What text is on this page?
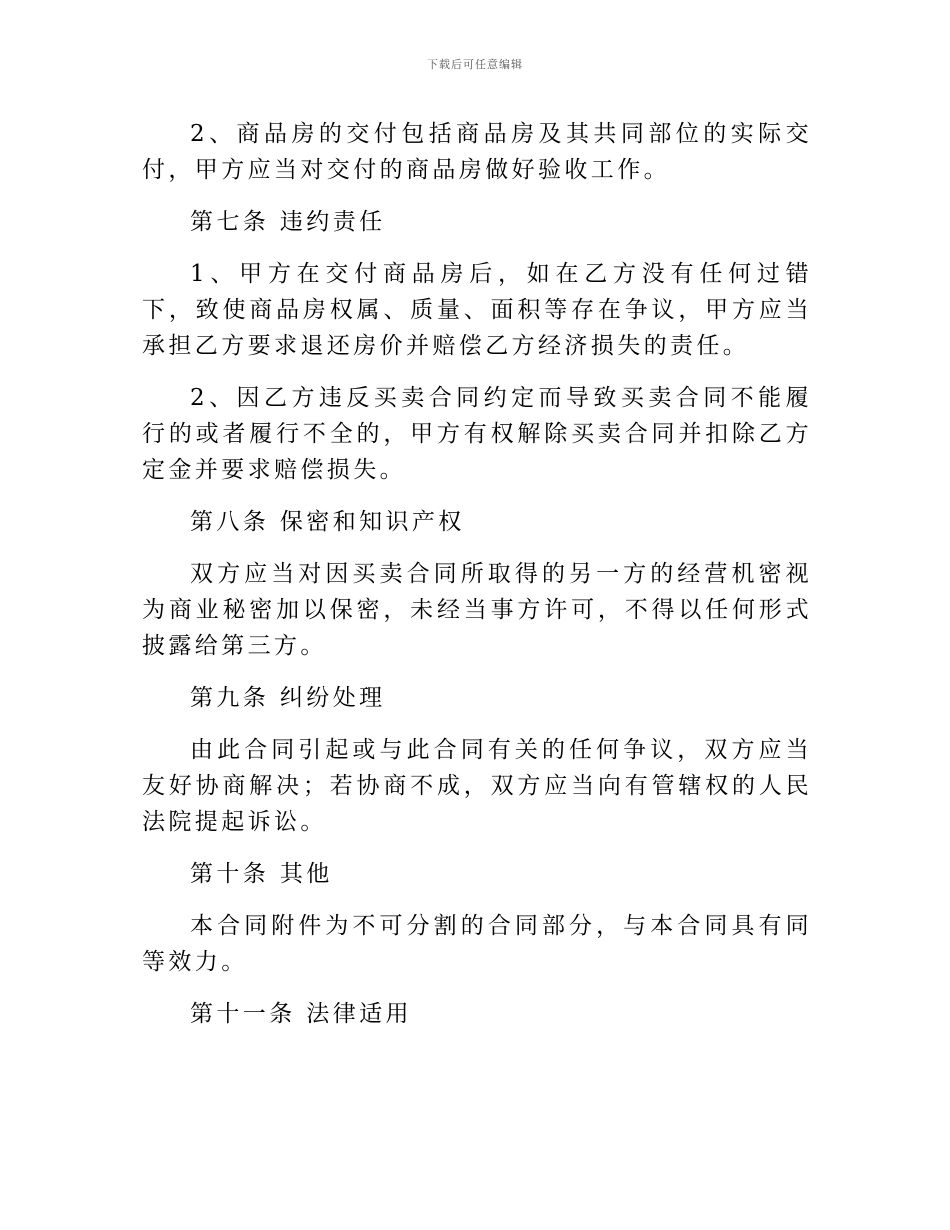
下载后可任意编辑

2、商品房的交付包括商品房及其共同部位的实际交付，甲方应当对交付的商品房做好验收工作。

第七条 违约责任

1、甲方在交付商品房后，如在乙方没有任何过错下，致使商品房权属、质量、面积等存在争议，甲方应当承担乙方要求退还房价并赔偿乙方经济损失的责任。

2、因乙方违反买卖合同约定而导致买卖合同不能履行的或者履行不全的，甲方有权解除买卖合同并扣除乙方定金并要求赔偿损失。

第八条 保密和知识产权

双方应当对因买卖合同所取得的另一方的经营机密视为商业秘密加以保密，未经当事方许可，不得以任何形式披露给第三方。

第九条 纠纷处理

由此合同引起或与此合同有关的任何争议，双方应当友好协商解决；若协商不成，双方应当向有管辖权的人民法院提起诉讼。

第十条 其他

本合同附件为不可分割的合同部分，与本合同具有同等效力。

第十一条 法律适用
